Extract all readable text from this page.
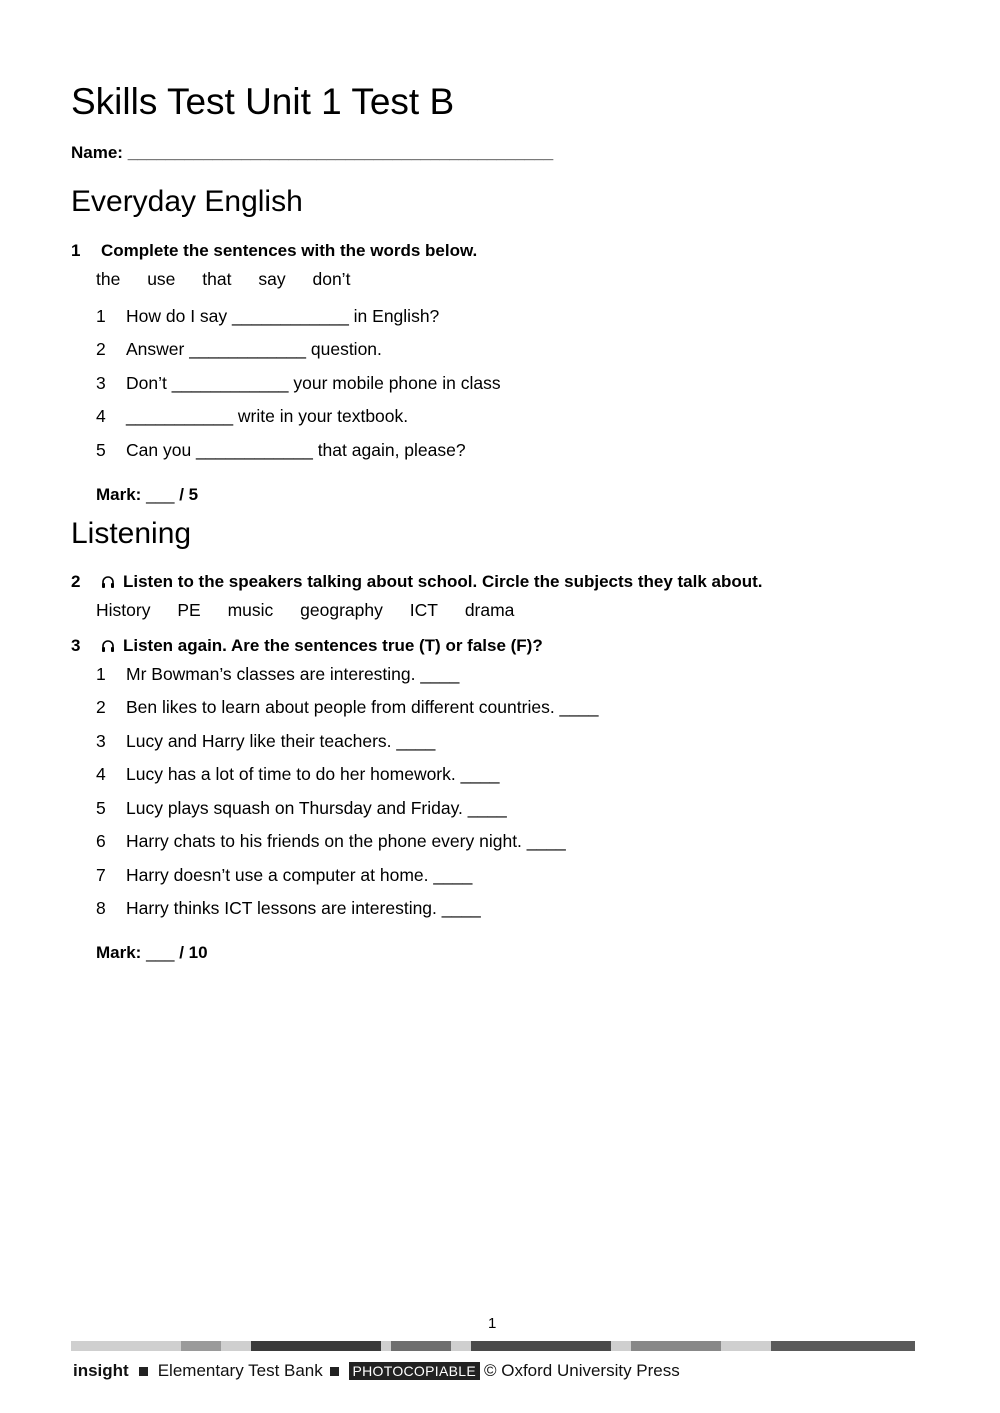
Skills Test Unit 1 Test B
Name: _____________________________________________
Everyday English
1 Complete the sentences with the words below.
the use that say don’t
1 How do I say ____________ in English?
2 Answer ____________ question.
3 Don’t ____________ your mobile phone in class
4 ___________ write in your textbook.
5 Can you ____________ that again, please?
Mark: ___ / 5
Listening
2	Listen to the speakers talking about school. Circle the subjects they talk about.
History PE music geography ICT drama
3	Listen again. Are the sentences true (T) or false (F)?
1 Mr Bowman’s classes are interesting. ____
2 Ben likes to learn about people from different countries. ____
3 Lucy and Harry like their teachers. ____
4 Lucy has a lot of time to do her homework. ____
5 Lucy plays squash on Thursday and Friday. ____
6 Harry chats to his friends on the phone every night. ____
7 Harry doesn’t use a computer at home. ____
8 Harry thinks ICT lessons are interesting. ____
Mark: ___ / 10
1
insight Elementary Test Bank PHOTOCOPIABLE © Oxford University Press
